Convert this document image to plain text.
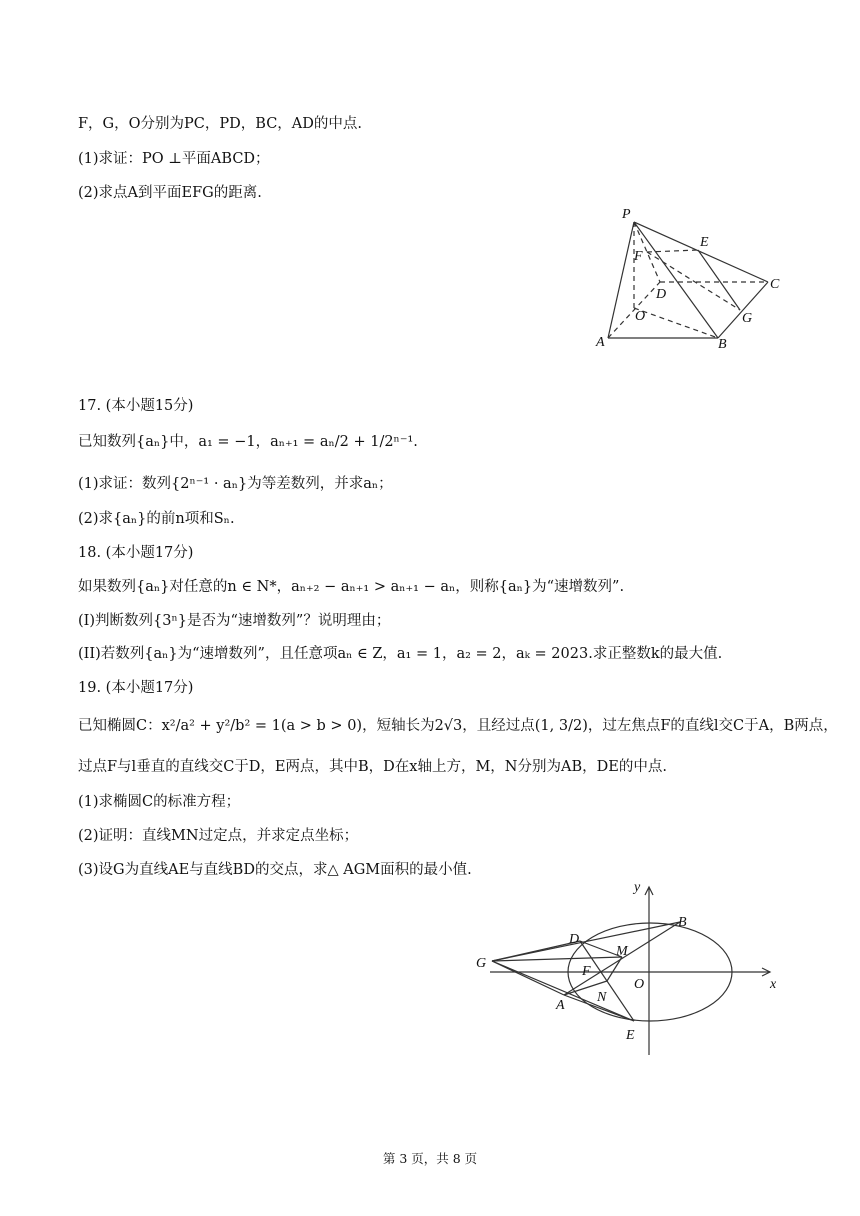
F，G，O分别为PC，PD，BC，AD的中点.
(1)求证：PO ⊥平面ABCD；
(2)求点A到平面EFG的距离.
17. (本小题15分)
已知数列{aₙ}中，a₁ = −1，aₙ₊₁ = aₙ/2 + 1/2ⁿ⁻¹.
(1)求证：数列{2ⁿ⁻¹ · aₙ}为等差数列，并求aₙ；
(2)求{aₙ}的前n项和Sₙ.
18. (本小题17分)
如果数列{aₙ}对任意的n ∈ N*，aₙ₊₂ − aₙ₊₁ > aₙ₊₁ − aₙ，则称{aₙ}为“速增数列”.
(I)判断数列{3ⁿ}是否为“速增数列”？说明理由；
(II)若数列{aₙ}为“速增数列”，且任意项aₙ ∈ Z，a₁ = 1，a₂ = 2，aₖ = 2023.求正整数k的最大值.
19. (本小题17分)
已知椭圆C：x²/a² + y²/b² = 1(a > b > 0)，短轴长为2√3，且经过点(1, 3/2)，过左焦点F的直线l交C于A，B两点，
过点F与l垂直的直线交C于D，E两点，其中B，D在x轴上方，M，N分别为AB，DE的中点.
(1)求椭圆C的标准方程；
(2)证明：直线MN过定点，并求定点坐标；
(3)设G为直线AE与直线BD的交点，求△ AGM面积的最小值.
P
E
F
C
D
G
O
A	B
y
B
D
M
G
F
O	x
A
N
E
第 3 页，共 8 页
